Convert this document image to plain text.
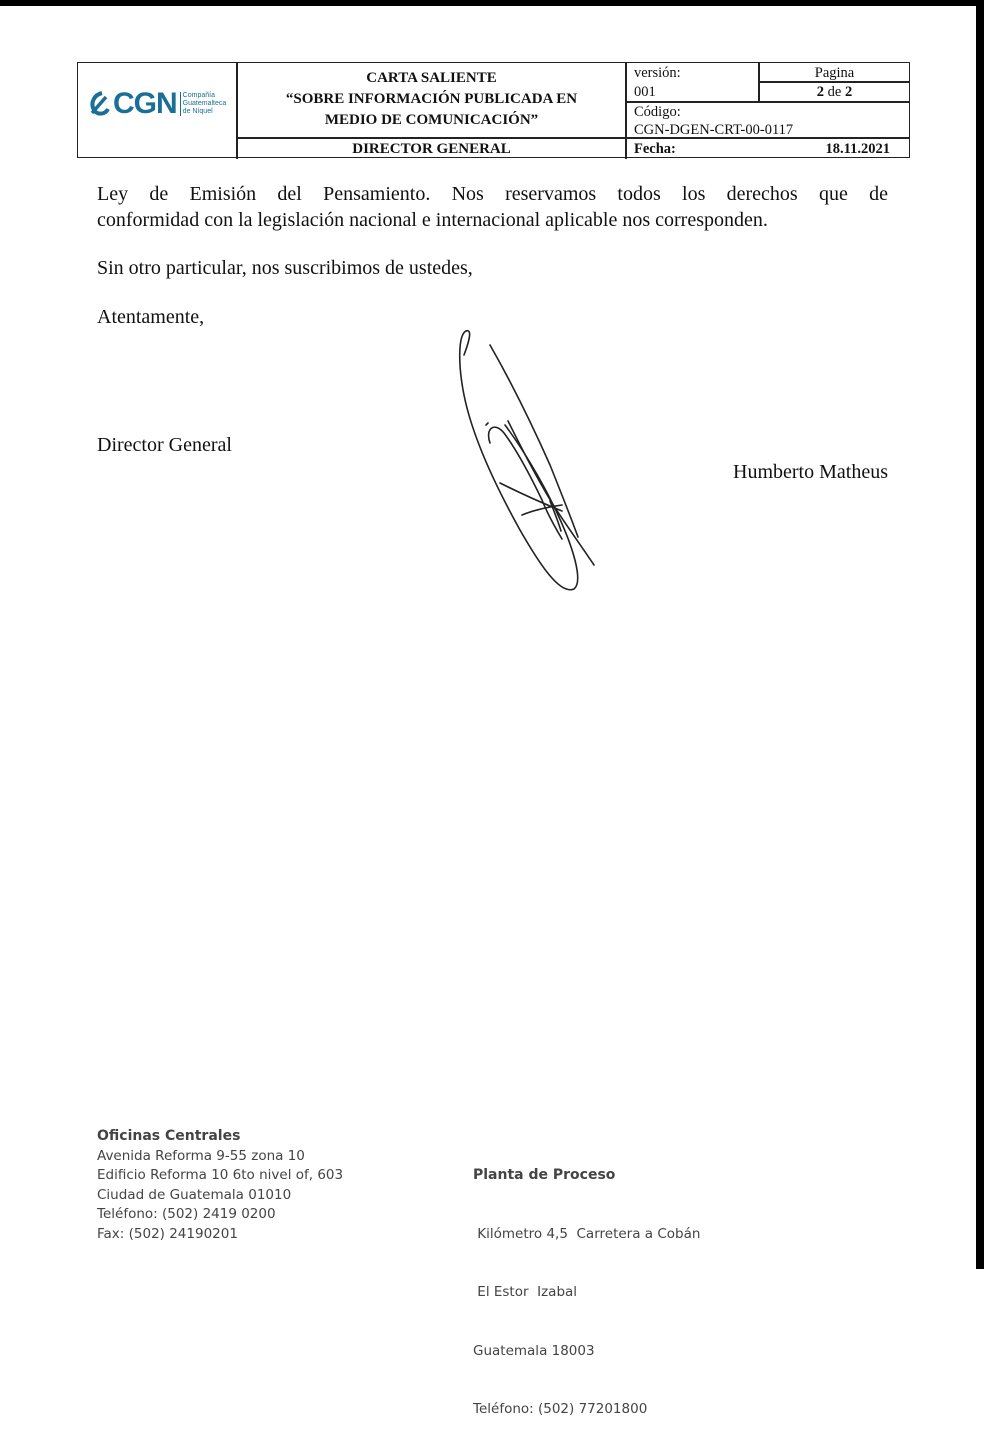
CGN Compañía
Guatemalteca
de Níquel
CARTA SALIENTE
“SOBRE INFORMACIÓN PUBLICADA EN
MEDIO DE COMUNICACIÓN”
DIRECTOR GENERAL
versión:
001
Pagina
2 de 2
Código:
CGN-DGEN-CRT-00-0117
Fecha:	18.11.2021
Ley de Emisión del Pensamiento. Nos reservamos todos los derechos que de
conformidad con la legislación nacional e internacional aplicable nos corresponden.
Sin otro particular, nos suscribimos de ustedes,
Atentamente,
Director General
Humberto Matheus
Oficinas Centrales
Avenida Reforma 9-55 zona 10
Edificio Reforma 10 6to nivel of, 603
Ciudad de Guatemala 01010
Teléfono: (502) 2419 0200
Fax: (502) 24190201

Planta de Proceso

Kilómetro 4,5  Carretera a Cobán

El Estor  Izabal

Guatemala 18003

Teléfono: (502) 77201800
